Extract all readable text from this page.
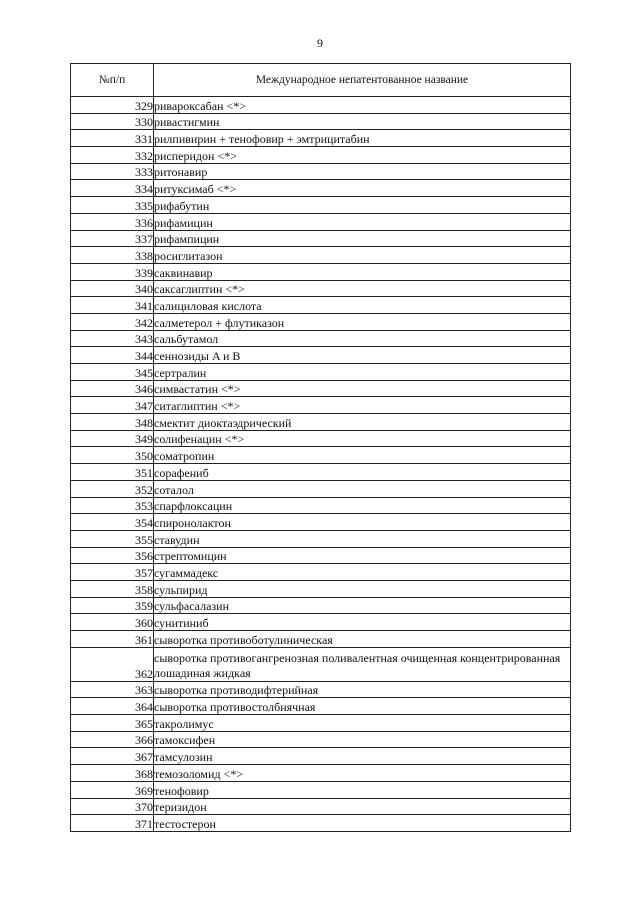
9
№п/п	Международное непатентованное название
329	ривароксабан <*>
330	ривастигмин
331	рилпивирин + тенофовир + эмтрицитабин
332	рисперидон <*>
333	ритонавир
334	ритуксимаб <*>
335	рифабутин
336	рифамицин
337	рифампицин
338	росиглитазон
339	саквинавир
340	саксаглиптин <*>
341	салициловая кислота
342	салметерол + флутиказон
343	сальбутамол
344	сеннозиды A и B
345	сертралин
346	симвастатин <*>
347	ситаглиптин <*>
348	смектит диоктаэдрический
349	солифенацин <*>
350	соматропин
351	сорафениб
352	соталол
353	спарфлоксацин
354	спиронолактон
355	ставудин
356	стрептомицин
357	сугаммадекс
358	сульпирид
359	сульфасалазин
360	сунитиниб
361	сыворотка противоботулиническая
362	сыворотка противогангренозная поливалентная очищенная концентрированная лошадиная жидкая
363	сыворотка противодифтерийная
364	сыворотка противостолбнячная
365	такролимус
366	тамоксифен
367	тамсулозин
368	темозоломид <*>
369	тенофовир
370	теризидон
371	тестостерон
